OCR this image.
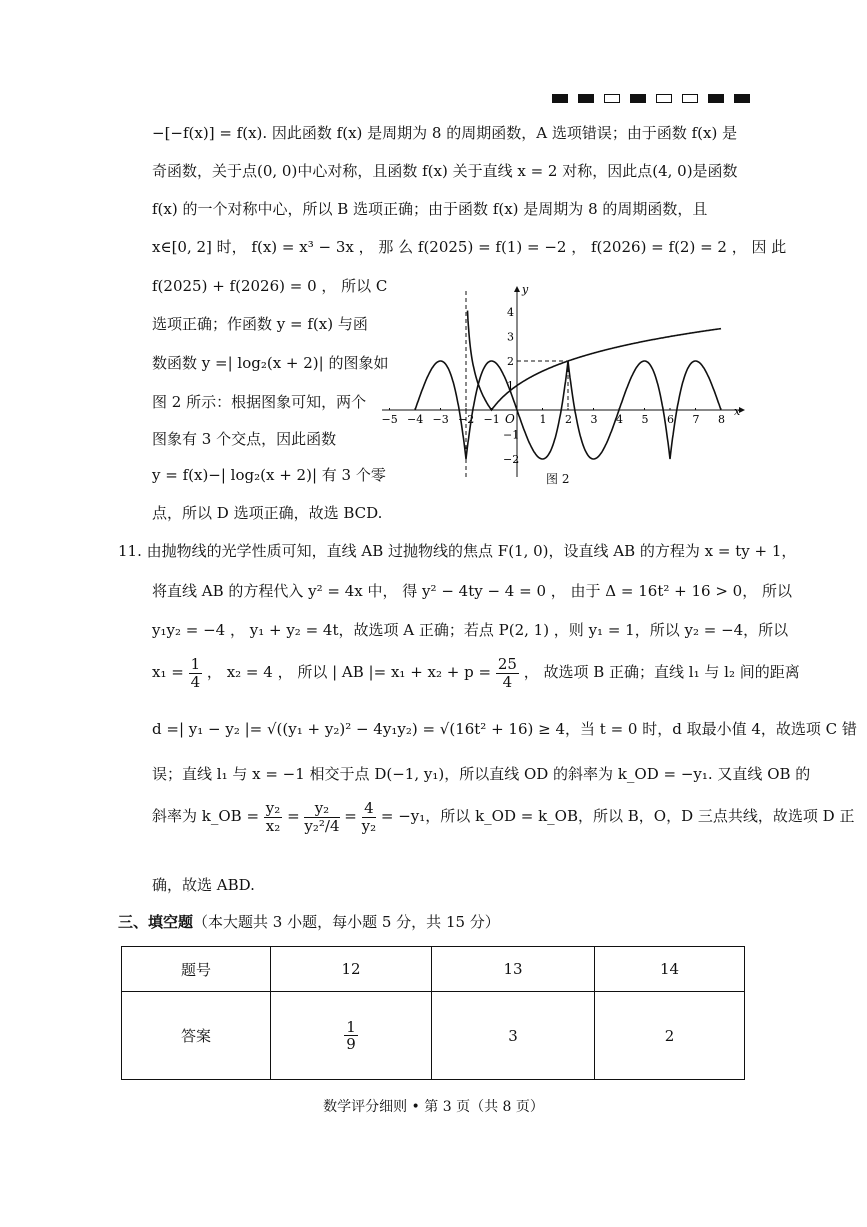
−[−f(x)] = f(x). 因此函数 f(x) 是周期为 8 的周期函数，A 选项错误；由于函数 f(x) 是
奇函数，关于点(0, 0)中心对称，且函数 f(x) 关于直线 x = 2 对称，因此点(4, 0)是函数
f(x) 的一个对称中心，所以 B 选项正确；由于函数 f(x) 是周期为 8 的周期函数，且
x∈[0, 2] 时， f(x) = x³ − 3x ， 那 么 f(2025) = f(1) = −2 ， f(2026) = f(2) = 2 ， 因 此
f(2025) + f(2026) = 0 ， 所以 C
选项正确；作函数 y = f(x) 与函
数函数 y =| log₂(x + 2)| 的图象如
图 2 所示：根据图象可知，两个
图象有 3 个交点，因此函数
y = f(x)−| log₂(x + 2)| 有 3 个零
点，所以 D 选项正确，故选 BCD.
−5 −4 −3 −2 −1	1 2 3 4 5 6 7 8
4
3
2
1
−1
−2
x
y
O
图 2
11. 由抛物线的光学性质可知，直线 AB 过抛物线的焦点 F(1, 0)，设直线 AB 的方程为 x = ty + 1，
将直线 AB 的方程代入 y² = 4x 中， 得 y² − 4ty − 4 = 0 ， 由于 Δ = 16t² + 16 > 0， 所以
y₁y₂ = −4 ， y₁ + y₂ = 4t，故选项 A 正确；若点 P(2, 1) ，则 y₁ = 1，所以 y₂ = −4，所以
$x_1 = \frac{1}{4}$ ， x₂ = 4 ， 所以 | AB |= $x_1 + x_2 + p = \frac{25}{4}$ ， 故选项 B 正确；直线 l₁ 与 l₂ 间的距离
d =| y₁ − y₂ |= √((y₁ + y₂)² − 4y₁y₂) = √(16t² + 16) ≥ 4，当 t = 0 时，d 取最小值 4，故选项 C 错
误；直线 l₁ 与 x = −1 相交于点 D(−1, y₁)，所以直线 OD 的斜率为 k_OD = −y₁. 又直线 OB 的
斜率为 k_OB = $\frac{\text{y₂}}{\text{x₂}} = \frac{\text{y₂}}{\text{y₂²/4}} = \frac{4}{\text{y₂}} = -y_1$，所以 k_OD = k_OB，所以 B，O，D 三点共线，故选项 D 正
确，故选 ABD.
三、填空题（本大题共 3 小题，每小题 5 分，共 15 分）
题号	12	13	14
答案	$\frac{1}{9}$	3	2
数学评分细则 • 第 3 页（共 8 页）
